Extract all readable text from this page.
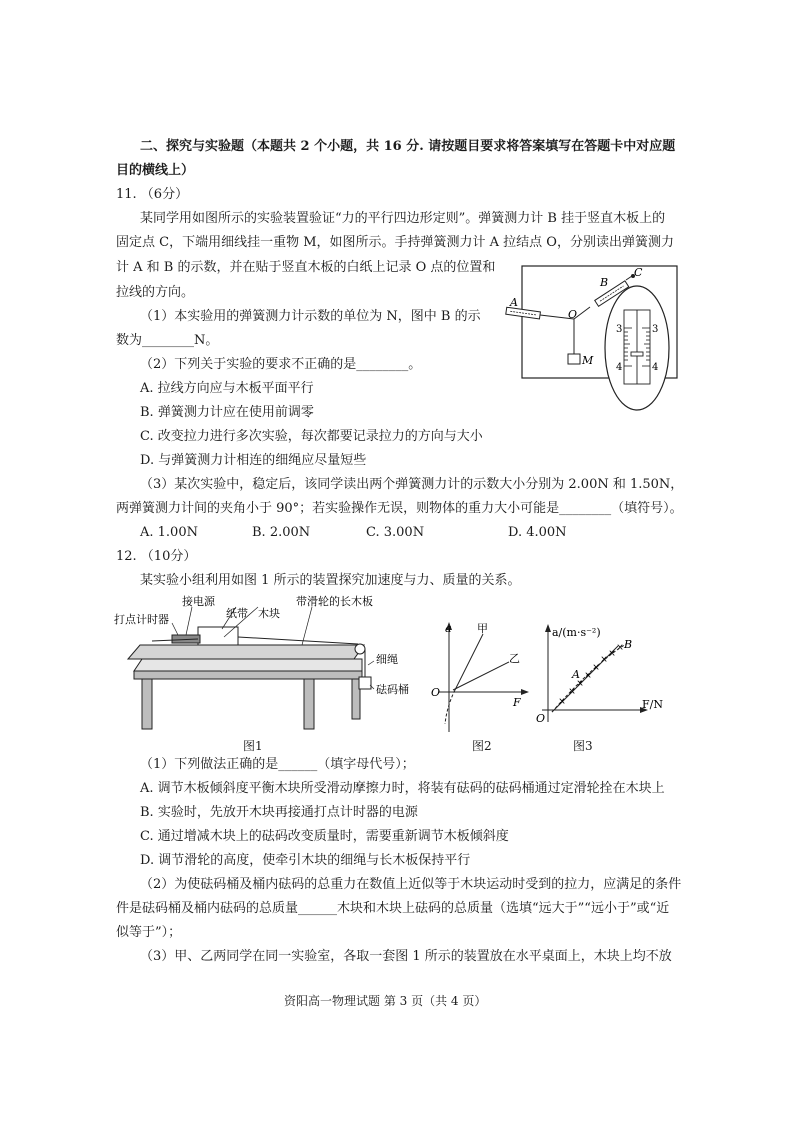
二、探究与实验题（本题共 2 个小题，共 16 分. 请按题目要求将答案填写在答题卡中对应题
目的横线上）
11. （6分）
某同学用如图所示的实验装置验证“力的平行四边形定则”。弹簧测力计 B 挂于竖直木板上的
固定点 C，下端用细线挂一重物 M，如图所示。手持弹簧测力计 A 拉结点 O，分别读出弹簧测力
计 A 和 B 的示数，并在贴于竖直木板的白纸上记录 O 点的位置和
拉线的方向。
（1）本实验用的弹簧测力计示数的单位为 N，图中 B 的示
数为________N。
（2）下列关于实验的要求不正确的是________。
A. 拉线方向应与木板平面平行
B. 弹簧测力计应在使用前调零
C. 改变拉力进行多次实验，每次都要记录拉力的方向与大小
D. 与弹簧测力计相连的细绳应尽量短些
（3）某次实验中，稳定后，该同学读出两个弹簧测力计的示数大小分别为 2.00N 和 1.50N，
两弹簧测力计间的夹角小于 90°；若实验操作无误，则物体的重力大小可能是________（填符号）。
A. 1.00N	B. 2.00N	C. 3.00N	D. 4.00N
A
B
C
O
M
3
4
3
4
12. （10分）
某实验小组利用如图 1 所示的装置探究加速度与力、质量的关系。
接电源
纸带 木块
带滑轮的长木板
打点计时器
细绳
砝码桶
图1
a 甲
乙
O
F
图2
×
×
×
×
×
×
×
×
a/(m·s⁻²)
A
B
O
F/N
图3
（1）下列做法正确的是______（填字母代号）；
A. 调节木板倾斜度平衡木块所受滑动摩擦力时，将装有砝码的砝码桶通过定滑轮拴在木块上
B. 实验时，先放开木块再接通打点计时器的电源
C. 通过增减木块上的砝码改变质量时，需要重新调节木板倾斜度
D. 调节滑轮的高度，使牵引木块的细绳与长木板保持平行
（2）为使砝码桶及桶内砝码的总重力在数值上近似等于木块运动时受到的拉力，应满足的条件
件是砝码桶及桶内砝码的总质量______木块和木块上砝码的总质量（选填“远大于”“远小于”或“近
似等于”）；
（3）甲、乙两同学在同一实验室，各取一套图 1 所示的装置放在水平桌面上，木块上均不放
资阳高一物理试题 第 3 页（共 4 页）
